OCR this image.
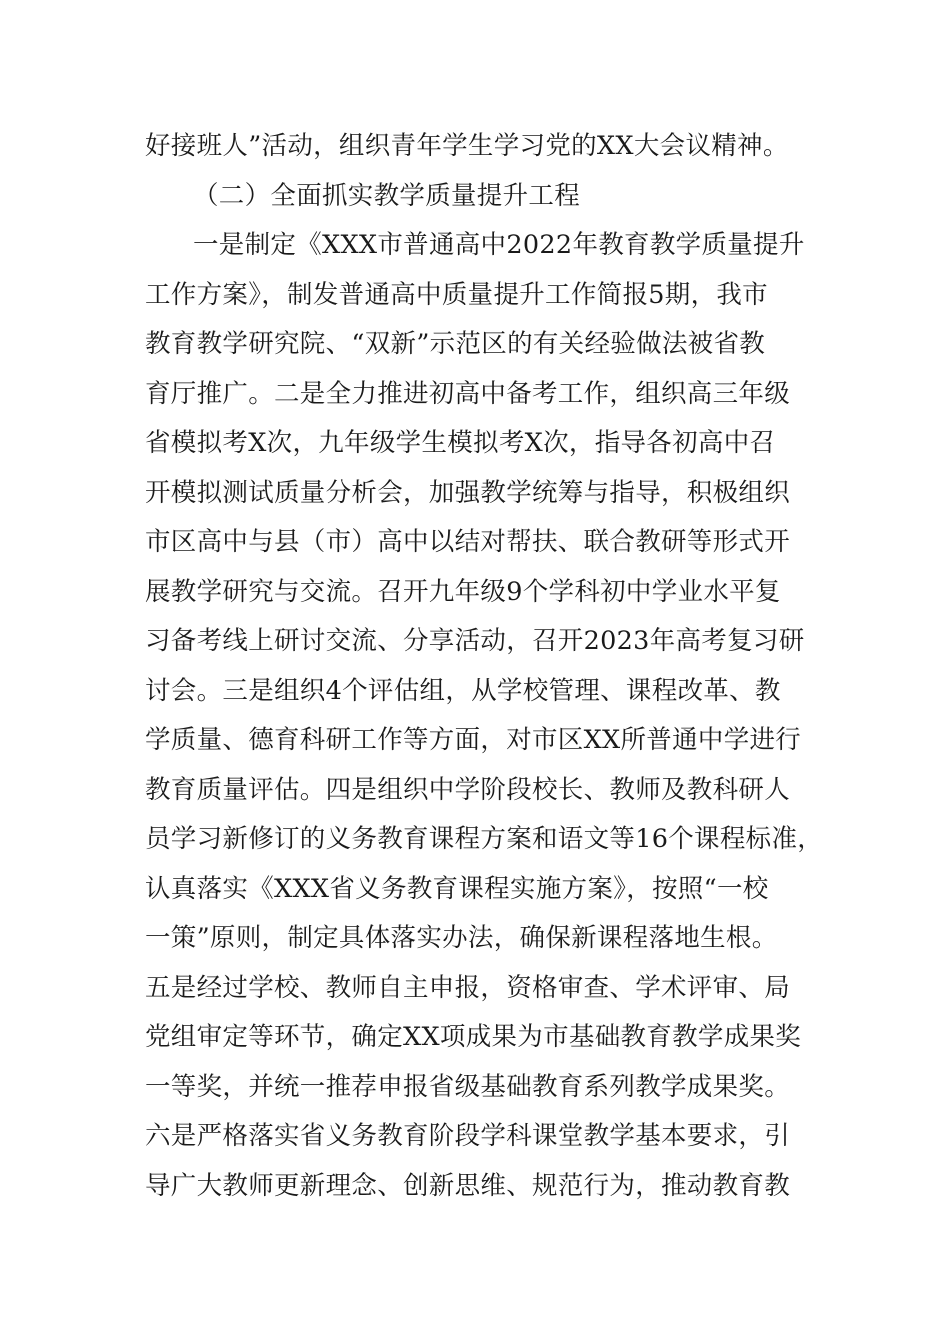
好接班人”活动，组织青年学生学习党的XX大会议精神。
（二）全面抓实教学质量提升工程
一是制定《XXX市普通高中2022年教育教学质量提升
工作方案》，制发普通高中质量提升工作简报5期，我市
教育教学研究院、“双新”示范区的有关经验做法被省教
育厅推广。二是全力推进初高中备考工作，组织高三年级
省模拟考X次，九年级学生模拟考X次，指导各初高中召
开模拟测试质量分析会，加强教学统筹与指导，积极组织
市区高中与县（市）高中以结对帮扶、联合教研等形式开
展教学研究与交流。召开九年级9个学科初中学业水平复
习备考线上研讨交流、分享活动，召开2023年高考复习研
讨会。三是组织4个评估组，从学校管理、课程改革、教
学质量、德育科研工作等方面，对市区XX所普通中学进行
教育质量评估。四是组织中学阶段校长、教师及教科研人
员学习新修订的义务教育课程方案和语文等16个课程标准，
认真落实《XXX省义务教育课程实施方案》，按照“一校
一策”原则，制定具体落实办法，确保新课程落地生根。
五是经过学校、教师自主申报，资格审查、学术评审、局
党组审定等环节，确定XX项成果为市基础教育教学成果奖
一等奖，并统一推荐申报省级基础教育系列教学成果奖。
六是严格落实省义务教育阶段学科课堂教学基本要求，引
导广大教师更新理念、创新思维、规范行为，推动教育教
